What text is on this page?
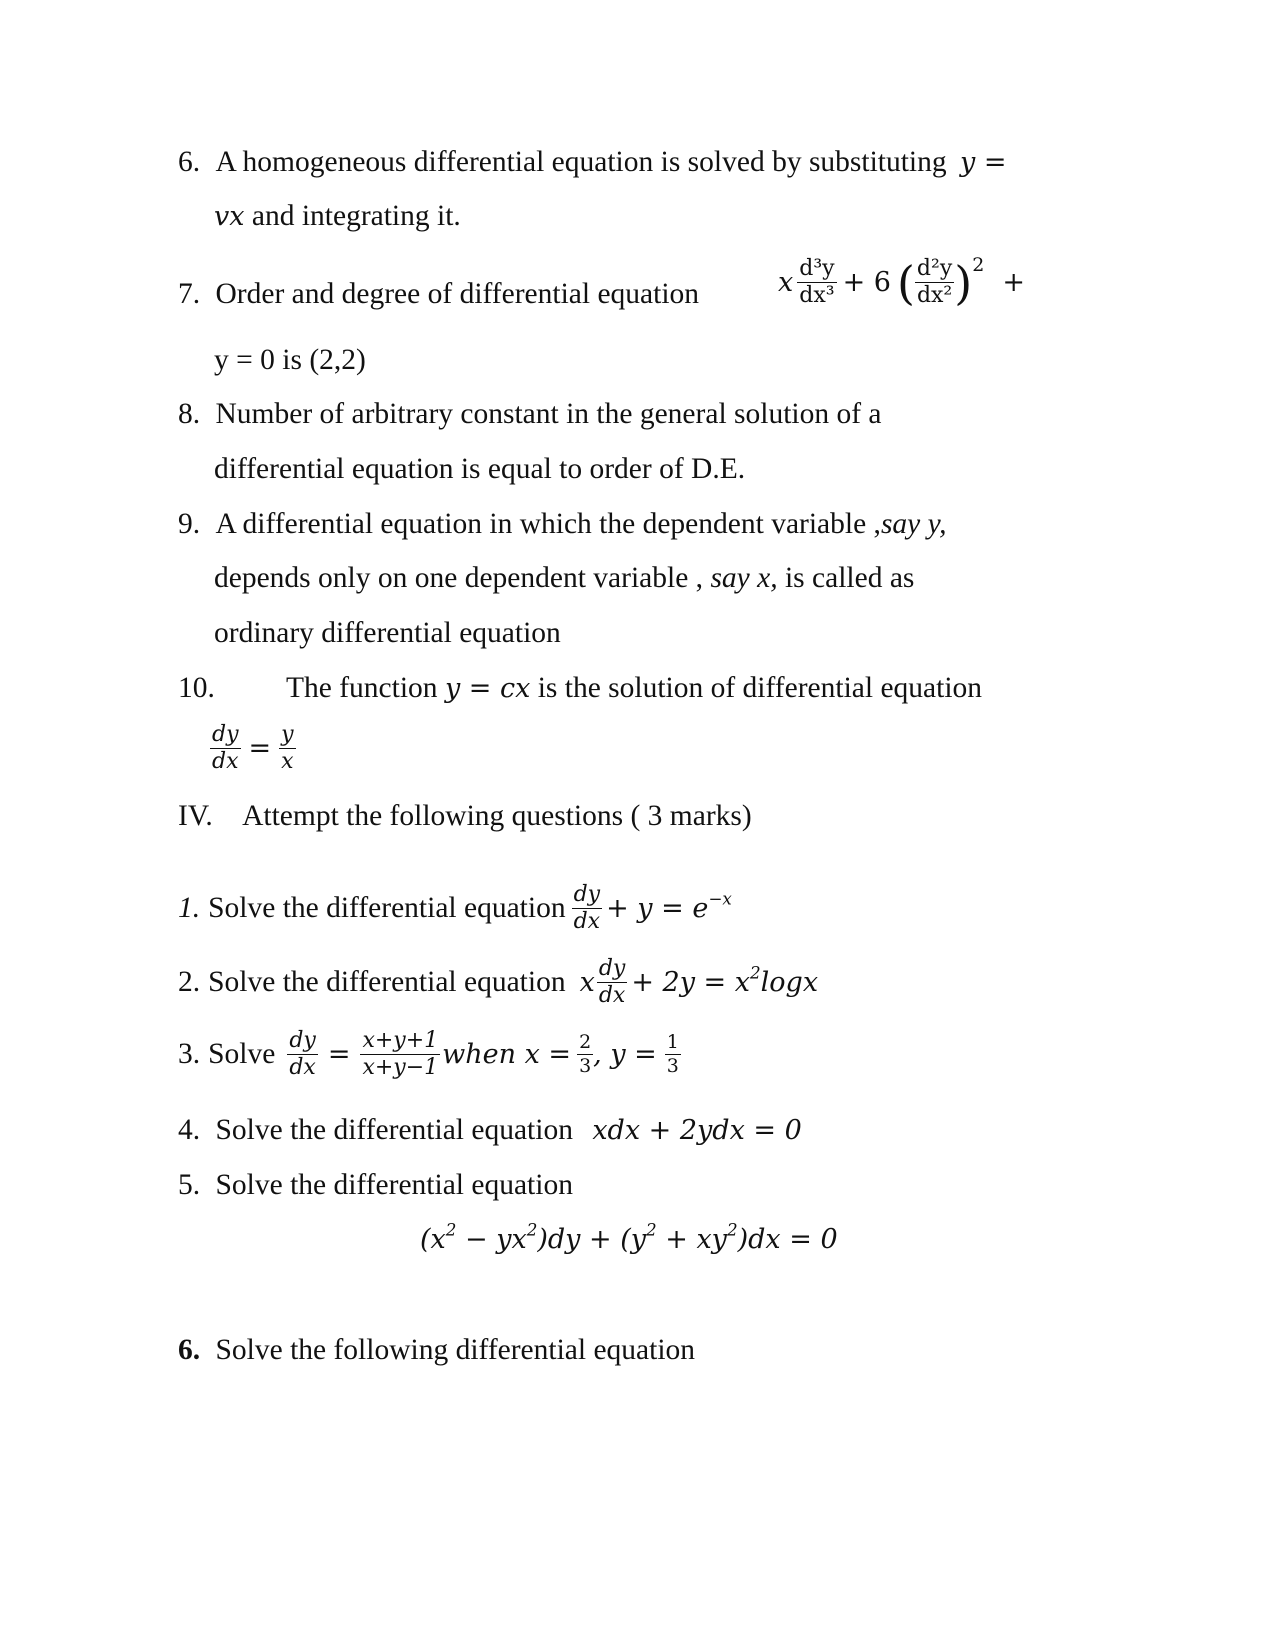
6. A homogeneous differential equation is solved by substituting y =
vx and integrating it.
7. Order and degree of differential equation	x $\frac{\text{d³y}}{\text{dx³}} + 6$ ( $\frac{\text{d²y}}{\text{dx²}}$ ) 2
+
y = 0 is (2,2)
8. Number of arbitrary constant in the general solution of a
differential equation is equal to order of D.E.
9. A differential equation in which the dependent variable ,say y,
depends only on one dependent variable , say x, is called as
ordinary differential equation
10. The function y = cx is the solution of differential equation
$\frac{dy}{dx} = \frac{y}{x}$
IV. Attempt the following questions ( 3 marks)
1. Solve the differential equation $\frac{dy}{dx} + y = e^{-x}$
2. Solve the differential equation x $\frac{dy}{dx} + 2y = x^2\log x$
3. Solve $\frac{dy}{dx} = \frac{x+y+1}{x+y-1}$ when $x = \frac{2}{3}$ , $y = \frac{1}{3}$
4. Solve the differential equation xdx + 2ydx = 0
5. Solve the differential equation
$(x^2 - yx^2)dy + (y^2 + xy^2)dx = 0$
6. Solve the following differential equation
